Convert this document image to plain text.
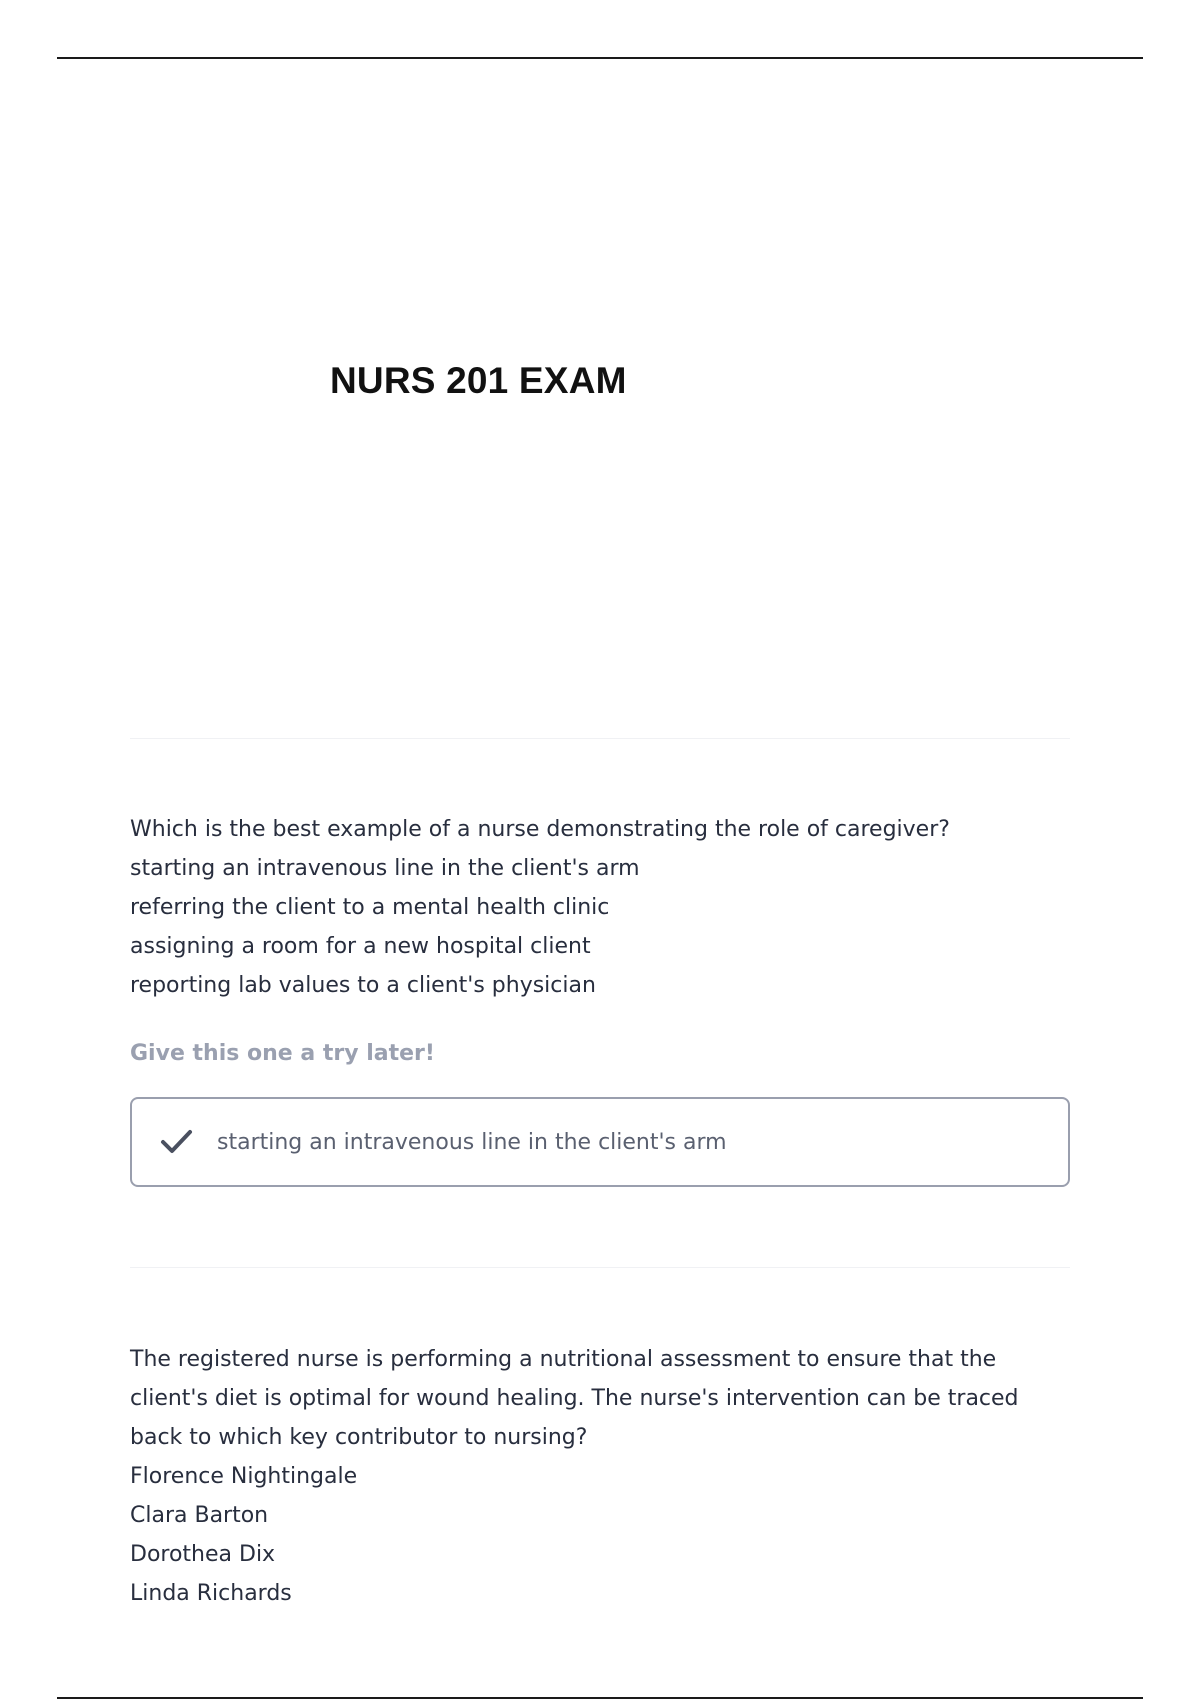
NURS 201 EXAM

Which is the best example of a nurse demonstrating the role of caregiver?

starting an intravenous line in the client's arm

referring the client to a mental health clinic

assigning a room for a new hospital client

reporting lab values to a client's physician

Give this one a try later!

starting an intravenous line in the client's arm

The registered nurse is performing a nutritional assessment to ensure that the client's diet is optimal for wound healing. The nurse's intervention can be traced back to which key contributor to nursing?

Florence Nightingale

Clara Barton

Dorothea Dix

Linda Richards
